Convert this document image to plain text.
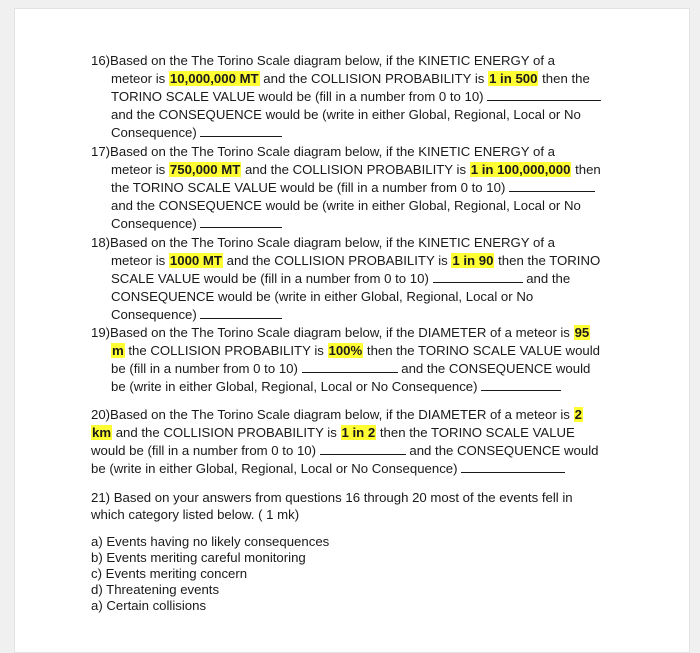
16)Based on the The Torino Scale diagram below, if the KINETIC ENERGY of a
meteor is 10,000,000 MT and the COLLISION PROBABILITY is 1 in 500 then the
TORINO SCALE VALUE would be (fill in a number from 0 to 10)
and the CONSEQUENCE would be (write in either Global, Regional, Local or No
Consequence)
17)Based on the The Torino Scale diagram below, if the KINETIC ENERGY of a
meteor is 750,000 MT and the COLLISION PROBABILITY is 1 in 100,000,000 then
the TORINO SCALE VALUE would be (fill in a number from 0 to 10)
and the CONSEQUENCE would be (write in either Global, Regional, Local or No
Consequence)
18)Based on the The Torino Scale diagram below, if the KINETIC ENERGY of a
meteor is 1000 MT and the COLLISION PROBABILITY is 1 in 90 then the TORINO
SCALE VALUE would be (fill in a number from 0 to 10)	and the
CONSEQUENCE would be (write in either Global, Regional, Local or No
Consequence)
19)Based on the The Torino Scale diagram below, if the DIAMETER of a meteor is 95
m the COLLISION PROBABILITY is 100% then the TORINO SCALE VALUE would
be (fill in a number from 0 to 10)	and the CONSEQUENCE would
be (write in either Global, Regional, Local or No Consequence)
20)Based on the The Torino Scale diagram below, if the DIAMETER of a meteor is 2
km and the COLLISION PROBABILITY is 1 in 2 then the TORINO SCALE VALUE
would be (fill in a number from 0 to 10)	and the CONSEQUENCE would
be (write in either Global, Regional, Local or No Consequence)
21) Based on your answers from questions 16 through 20 most of the events fell in
which category listed below. ( 1 mk)
a) Events having no likely consequences
b) Events meriting careful monitoring
c) Events meriting concern
d) Threatening events
a) Certain collisions
